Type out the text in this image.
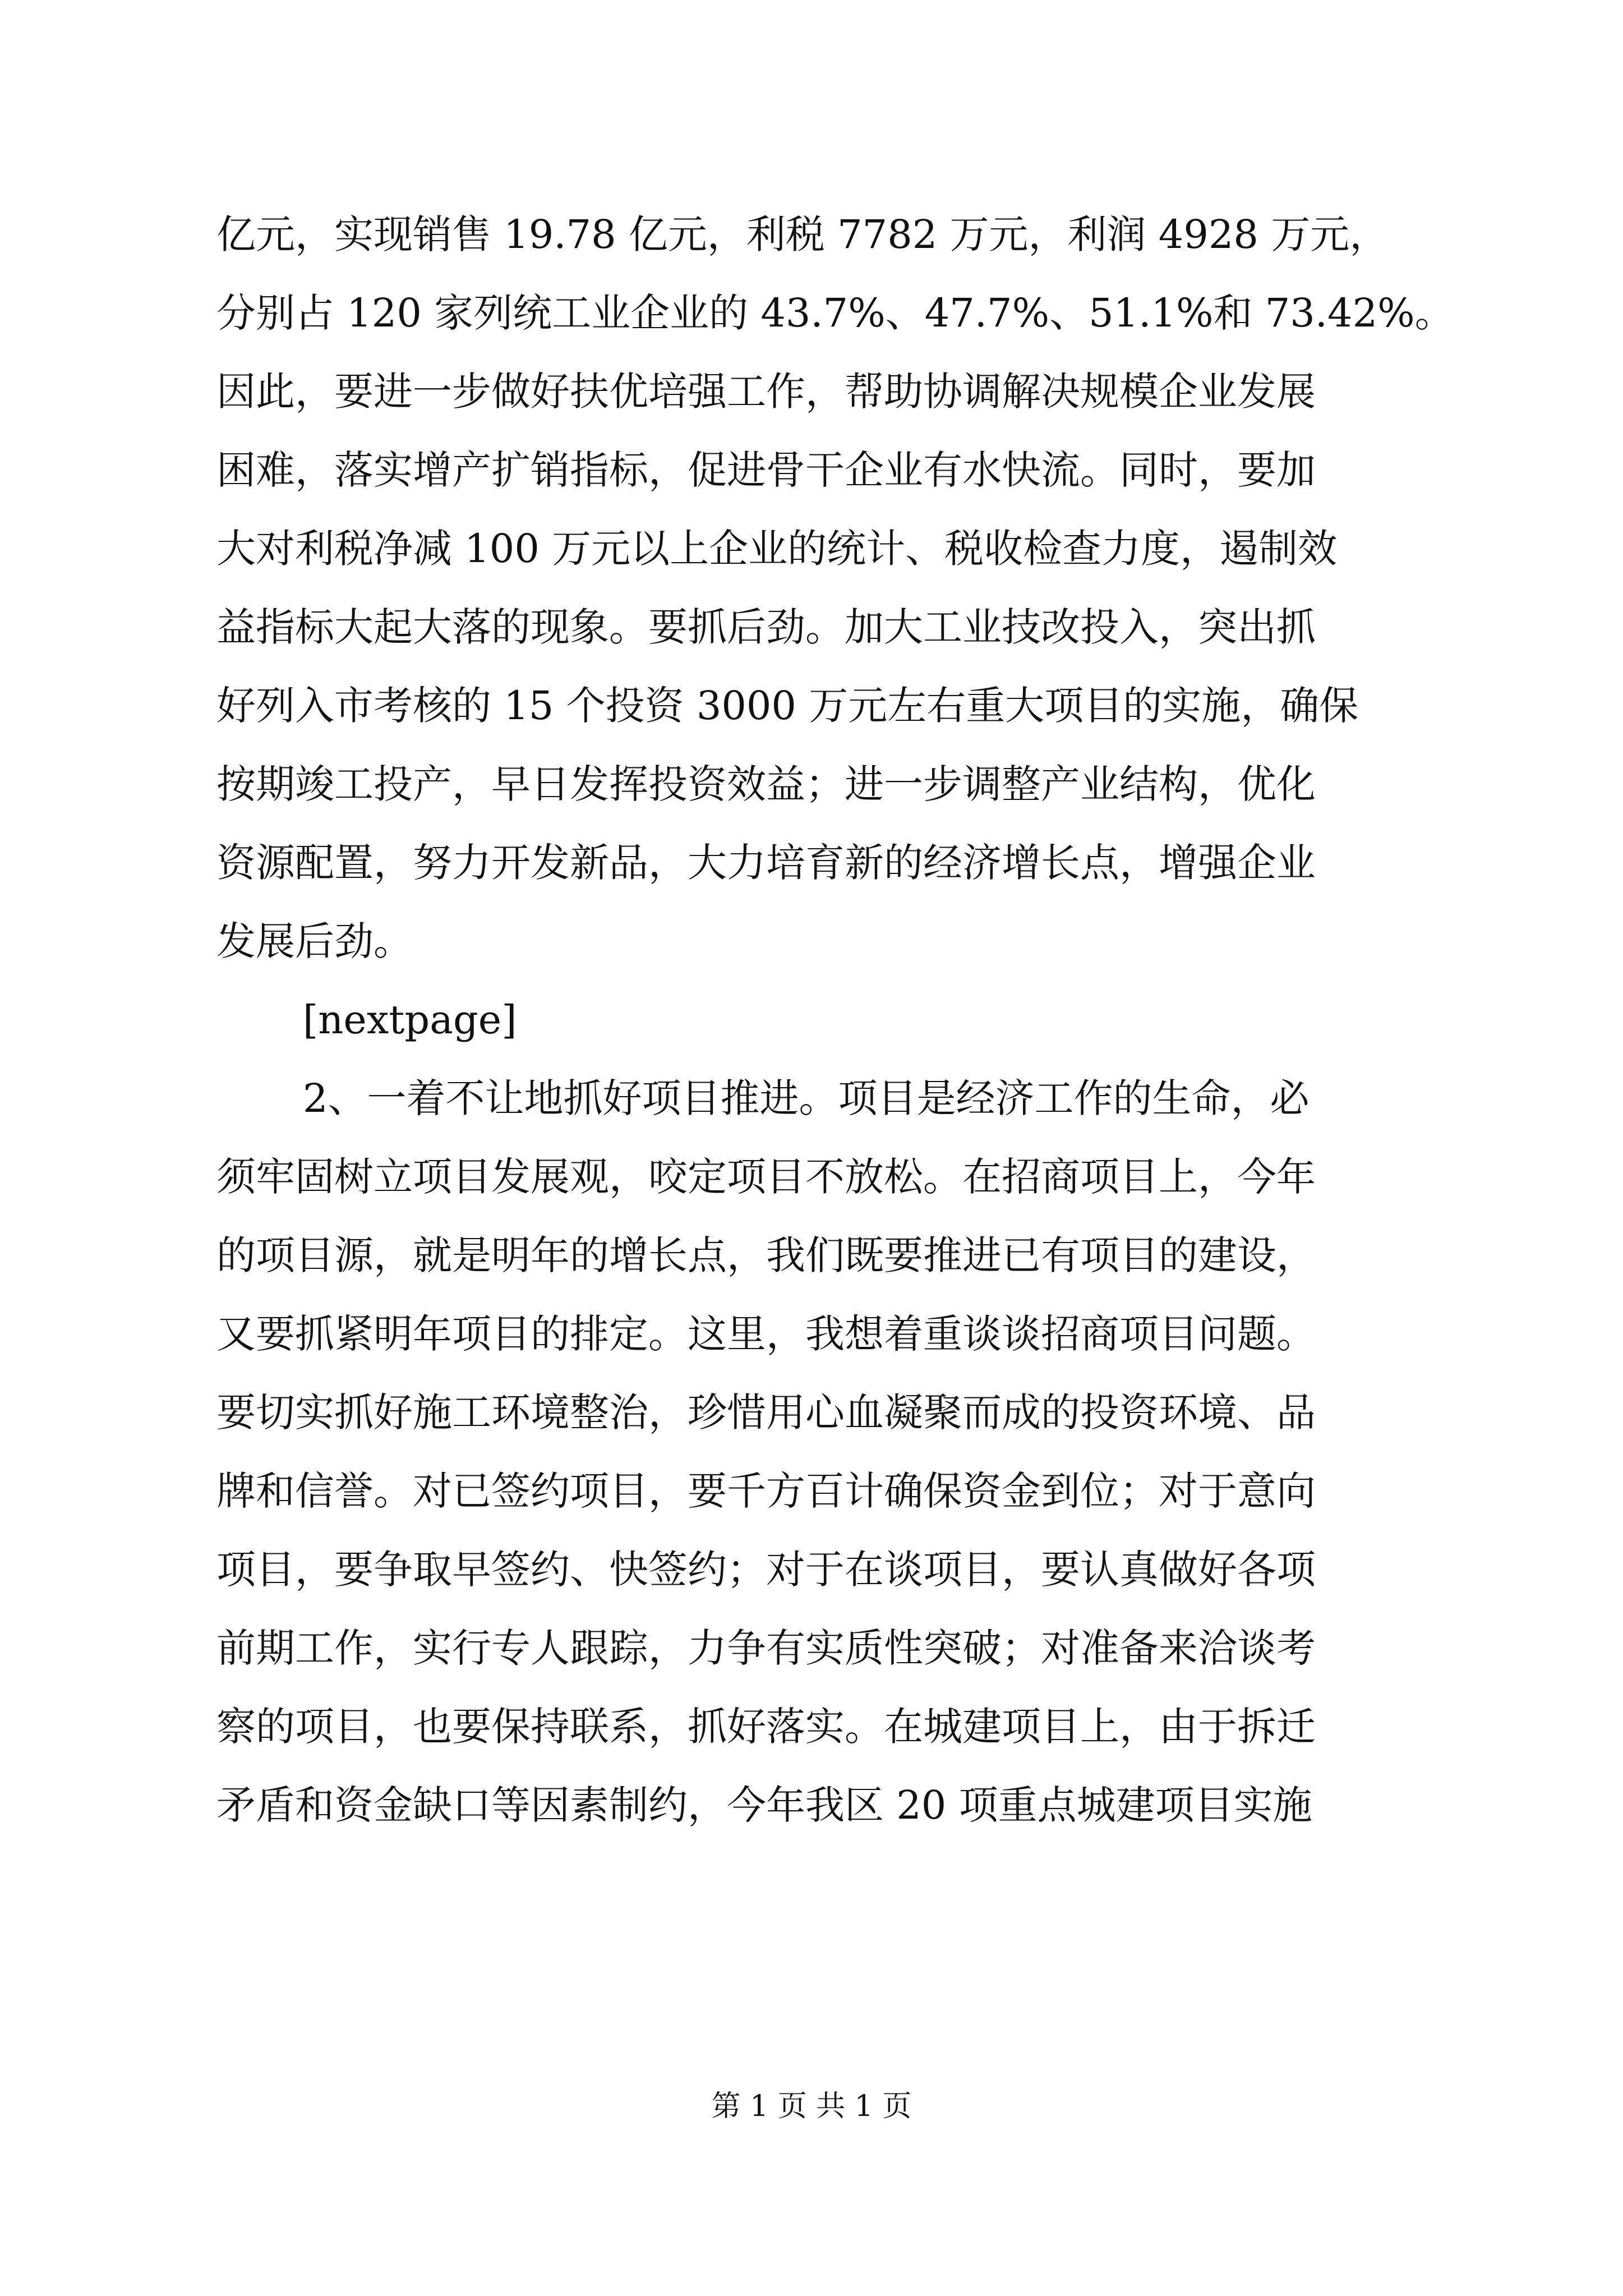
亿元，实现销售 19.78 亿元，利税 7782 万元，利润 4928 万元，
分别占 120 家列统工业企业的 43.7%、47.7%、51.1%和 73.42%。
因此，要进一步做好扶优培强工作，帮助协调解决规模企业发展
困难，落实增产扩销指标，促进骨干企业有水快流。同时，要加
大对利税净减 100 万元以上企业的统计、税收检查力度，遏制效
益指标大起大落的现象。要抓后劲。加大工业技改投入，突出抓
好列入市考核的 15 个投资 3000 万元左右重大项目的实施，确保
按期竣工投产，早日发挥投资效益；进一步调整产业结构，优化
资源配置，努力开发新品，大力培育新的经济增长点，增强企业
发展后劲。
[nextpage]
2、一着不让地抓好项目推进。项目是经济工作的生命，必
须牢固树立项目发展观，咬定项目不放松。在招商项目上，今年
的项目源，就是明年的增长点，我们既要推进已有项目的建设，
又要抓紧明年项目的排定。这里，我想着重谈谈招商项目问题。
要切实抓好施工环境整治，珍惜用心血凝聚而成的投资环境、品
牌和信誉。对已签约项目，要千方百计确保资金到位；对于意向
项目，要争取早签约、快签约；对于在谈项目，要认真做好各项
前期工作，实行专人跟踪，力争有实质性突破；对准备来洽谈考
察的项目，也要保持联系，抓好落实。在城建项目上，由于拆迁
矛盾和资金缺口等因素制约，今年我区 20 项重点城建项目实施
第 1 页 共 1 页
